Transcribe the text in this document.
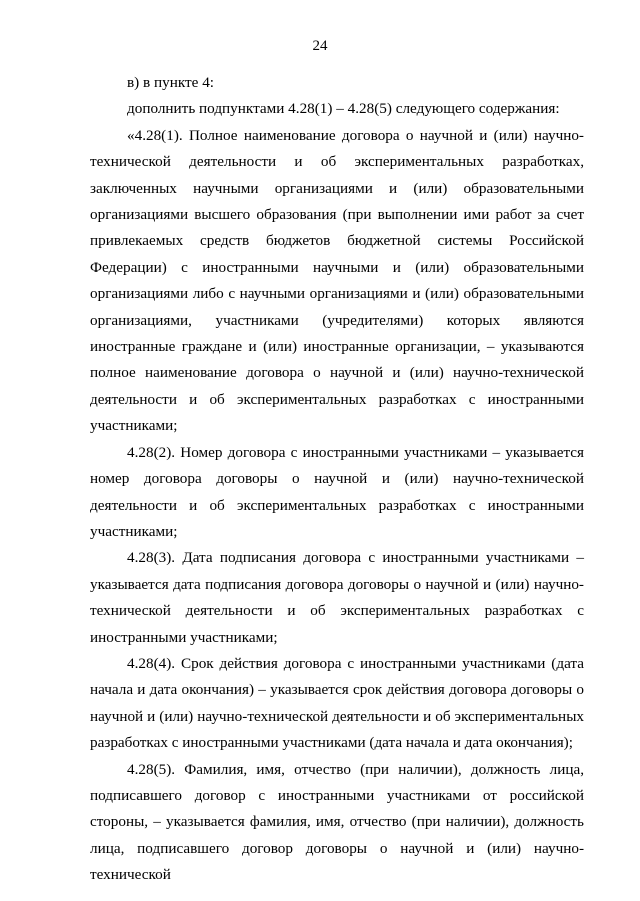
24

в) в пункте 4:

дополнить подпунктами 4.28(1) – 4.28(5) следующего содержания:

«4.28(1). Полное наименование договора о научной и (или) научно-технической деятельности и об экспериментальных разработках, заключенных научными организациями и (или) образовательными организациями высшего образования (при выполнении ими работ за счет привлекаемых средств бюджетов бюджетной системы Российской Федерации) с иностранными научными и (или) образовательными организациями либо с научными организациями и (или) образовательными организациями, участниками (учредителями) которых являются иностранные граждане и (или) иностранные организации, – указываются полное наименование договора о научной и (или) научно-технической деятельности и об экспериментальных разработках с иностранными участниками;

4.28(2). Номер договора с иностранными участниками – указывается номер договора договоры о научной и (или) научно-технической деятельности и об экспериментальных разработках с иностранными участниками;

4.28(3). Дата подписания договора с иностранными участниками – указывается дата подписания договора договоры о научной и (или) научно-технической деятельности и об экспериментальных разработках с иностранными участниками;

4.28(4). Срок действия договора с иностранными участниками (дата начала и дата окончания) – указывается срок действия договора договоры о научной и (или) научно-технической деятельности и об экспериментальных разработках с иностранными участниками (дата начала и дата окончания);

4.28(5). Фамилия, имя, отчество (при наличии), должность лица, подписавшего договор с иностранными участниками от российской стороны, – указывается фамилия, имя, отчество (при наличии), должность лица, подписавшего договор договоры о научной и (или) научно-технической
